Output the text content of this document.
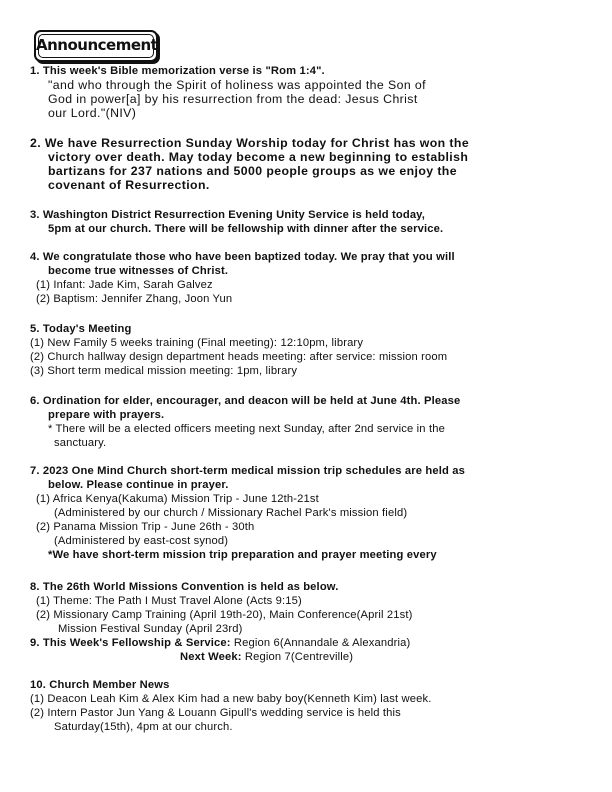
Announcement
1. This week's Bible memorization verse is "Rom 1:4".
"and who through the Spirit of holiness was appointed the Son of
God in power[a] by his resurrection from the dead: Jesus Christ
our Lord."(NIV)
2. We have Resurrection Sunday Worship today for Christ has won the
victory over death. May today become a new beginning to establish
bartizans for 237 nations and 5000 people groups as we enjoy the
covenant of Resurrection.
3. Washington District Resurrection Evening Unity Service is held today,
5pm at our church. There will be fellowship with dinner after the service.
4. We congratulate those who have been baptized today. We pray that you will
become true witnesses of Christ.
(1) Infant: Jade Kim, Sarah Galvez
(2) Baptism: Jennifer Zhang, Joon Yun
5. Today's Meeting
(1) New Family 5 weeks training (Final meeting): 12:10pm, library
(2) Church hallway design department heads meeting: after service: mission room
(3) Short term medical mission meeting: 1pm, library
6. Ordination for elder, encourager, and deacon will be held at June 4th. Please
prepare with prayers.
* There will be a elected officers meeting next Sunday, after 2nd service in the
sanctuary.
7. 2023 One Mind Church short-term medical mission trip schedules are held as
below. Please continue in prayer.
(1) Africa Kenya(Kakuma) Mission Trip - June 12th-21st
(Administered by our church / Missionary Rachel Park's mission field)
(2) Panama Mission Trip - June 26th - 30th
(Administered by east-cost synod)
*We have short-term mission trip preparation and prayer meeting every
8. The 26th World Missions Convention is held as below.
(1) Theme: The Path I Must Travel Alone (Acts 9:15)
(2) Missionary Camp Training (April 19th-20), Main Conference(April 21st)
Mission Festival Sunday (April 23rd)
9. This Week's Fellowship & Service: Region 6(Annandale & Alexandria)
Next Week: Region 7(Centreville)
10. Church Member News
(1) Deacon Leah Kim & Alex Kim had a new baby boy(Kenneth Kim) last week.
(2) Intern Pastor Jun Yang & Louann Gipull's wedding service is held this
Saturday(15th), 4pm at our church.
